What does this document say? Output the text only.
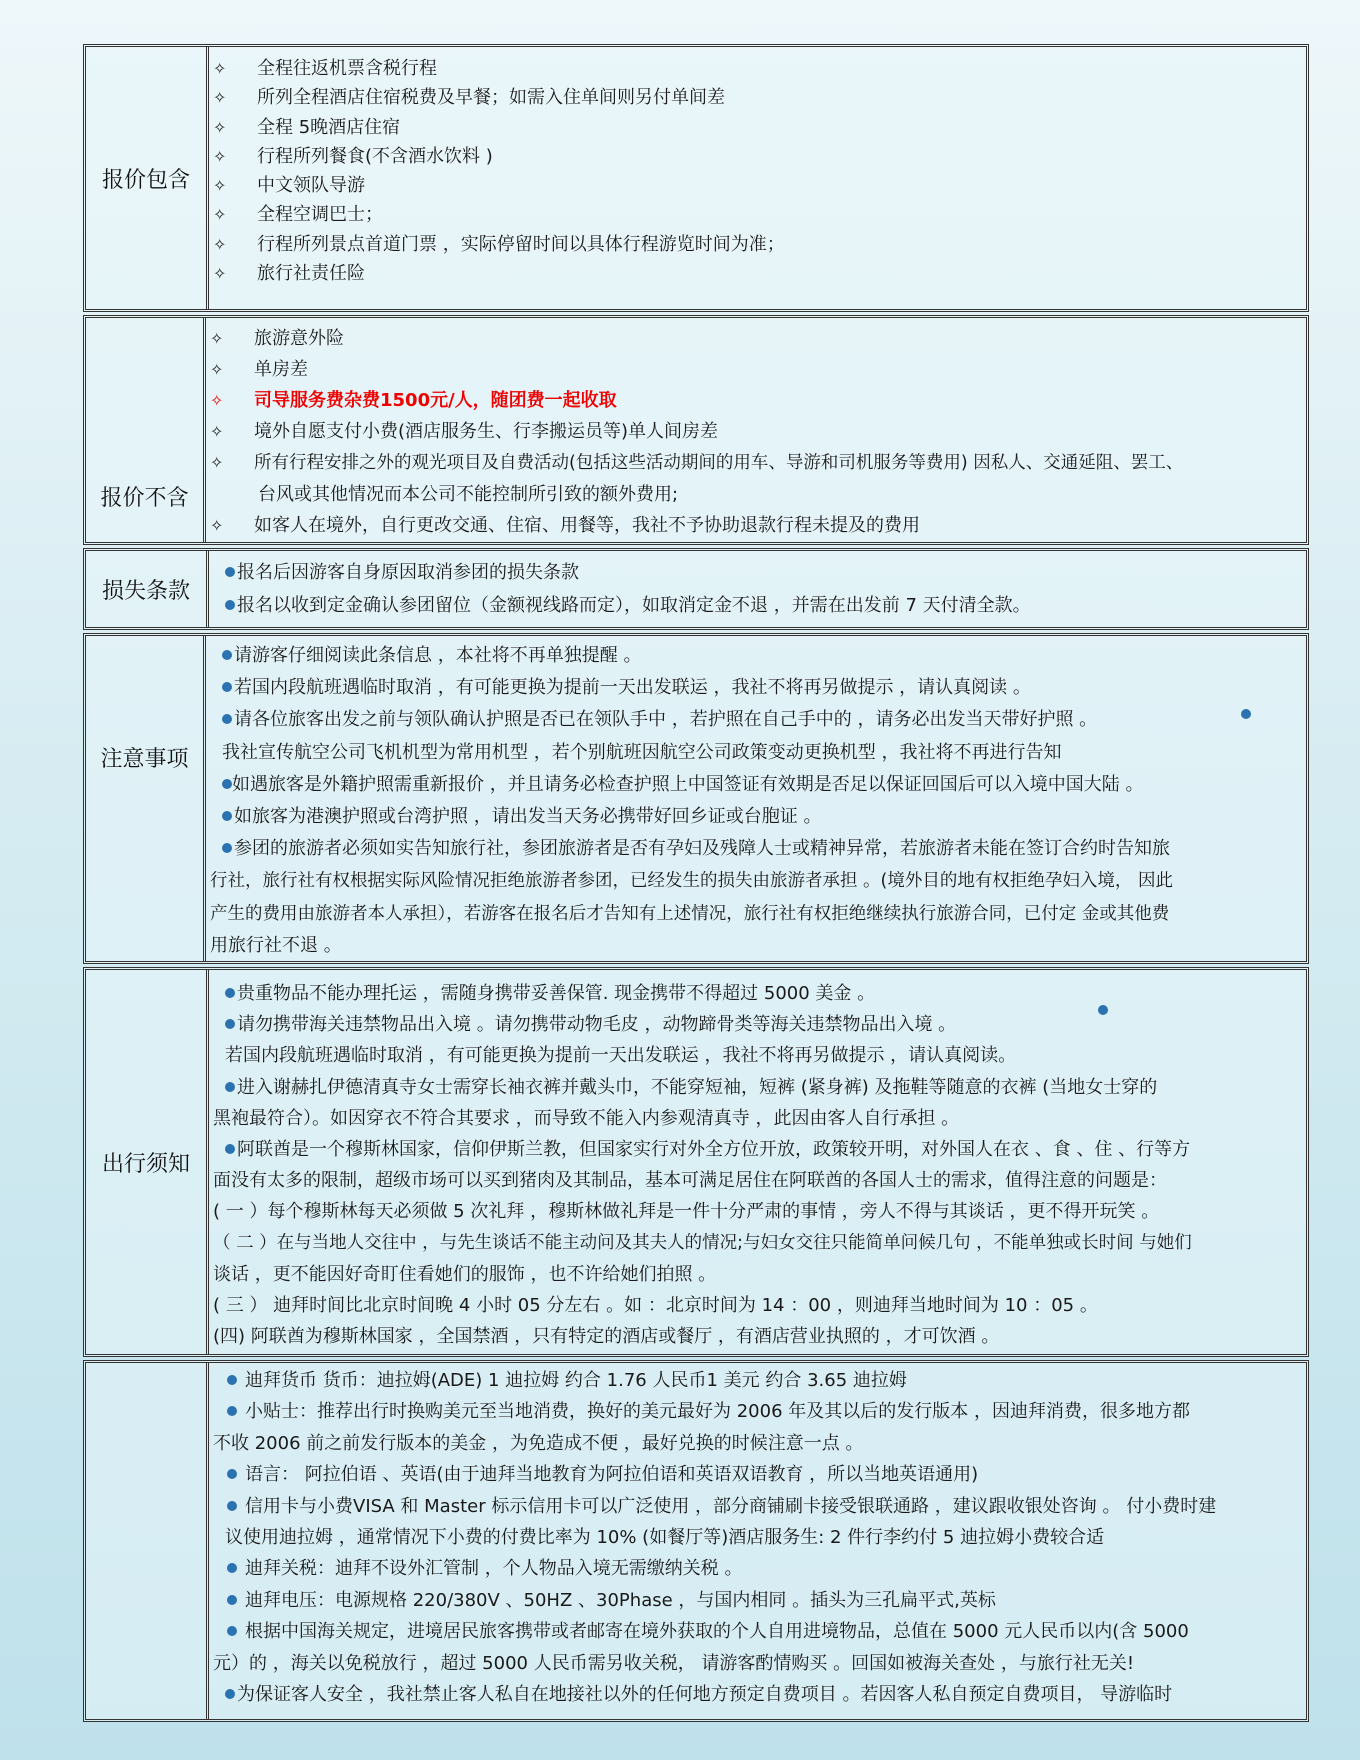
报价包含
✧ 全程往返机票含税行程
✧ 所列全程酒店住宿税费及早餐；如需入住单间则另付单间差
✧ 全程 5晚酒店住宿
✧ 行程所列餐食(不含酒水饮料 )
✧ 中文领队导游
✧ 全程空调巴士；
✧ 行程所列景点首道门票 ，实际停留时间以具体行程游览时间为准；
✧ 旅行社责任险
报价不含
✧ 旅游意外险
✧ 单房差
✧ 司导服务费杂费1500元/人，随团费一起收取
✧ 境外自愿支付小费(酒店服务生、行李搬运员等)单人间房差
✧ 所有行程安排之外的观光项目及自费活动(包括这些活动期间的用车、导游和司机服务等费用) 因私人、交通延阻、罢工、
台风或其他情况而本公司不能控制所引致的额外费用;
✧ 如客人在境外，自行更改交通、住宿、用餐等，我社不予协助退款行程未提及的费用
损失条款
报名后因游客自身原因取消参团的损失条款
报名以收到定金确认参团留位（金额视线路而定），如取消定金不退 ，并需在出发前 7 天付清全款。
注意事项
请游客仔细阅读此条信息 ，本社将不再单独提醒 。
若国内段航班遇临时取消 ，有可能更换为提前一天出发联运 ，我社不将再另做提示 ，请认真阅读 。
请各位旅客出发之前与领队确认护照是否已在领队手中 ，若护照在自己手中的 ，请务必出发当天带好护照 。
我社宣传航空公司飞机机型为常用机型 ，若个别航班因航空公司政策变动更换机型 ，我社将不再进行告知
如遇旅客是外籍护照需重新报价 ，并且请务必检查护照上中国签证有效期是否足以保证回国后可以入境中国大陆 。
如旅客为港澳护照或台湾护照 ，请出发当天务必携带好回乡证或台胞证 。
参团的旅游者必须如实告知旅行社，参团旅游者是否有孕妇及残障人士或精神异常，若旅游者未能在签订合约时告知旅
行社，旅行社有权根据实际风险情况拒绝旅游者参团，已经发生的损失由旅游者承担 。(境外目的地有权拒绝孕妇入境， 因此
产生的费用由旅游者本人承担），若游客在报名后才告知有上述情况，旅行社有权拒绝继续执行旅游合同，已付定 金或其他费
用旅行社不退 。
出行须知
贵重物品不能办理托运 ，需随身携带妥善保管. 现金携带不得超过 5000 美金 。
请勿携带海关违禁物品出入境 。请勿携带动物毛皮 ，动物蹄骨类等海关违禁物品出入境 。
若国内段航班遇临时取消 ，有可能更换为提前一天出发联运 ，我社不将再另做提示 ，请认真阅读。
进入谢赫扎伊德清真寺女士需穿长袖衣裤并戴头巾，不能穿短袖，短裤 (紧身裤) 及拖鞋等随意的衣裤 (当地女士穿的
黑袍最符合）。如因穿衣不符合其要求 ，而导致不能入内参观清真寺 ，此因由客人自行承担 。
阿联酋是一个穆斯林国家，信仰伊斯兰教，但国家实行对外全方位开放，政策较开明，对外国人在衣 、食 、住 、行等方
面没有太多的限制，超级市场可以买到猪肉及其制品，基本可满足居住在阿联酋的各国人士的需求，值得注意的问题是：
( 一 ）每个穆斯林每天必须做 5 次礼拜 ，穆斯林做礼拜是一件十分严肃的事情 ，旁人不得与其谈话 ，更不得开玩笑 。
（ 二 ）在与当地人交往中 ，与先生谈话不能主动问及其夫人的情况;与妇女交往只能简单问候几句 ，不能单独或长时间 与她们
谈话 ，更不能因好奇盯住看她们的服饰 ，也不许给她们拍照 。
( 三 ） 迪拜时间比北京时间晚 4 小时 05 分左右 。如 ：北京时间为 14 ：00 ，则迪拜当地时间为 10 ：05 。
(四) 阿联酋为穆斯林国家 ，全国禁酒 ，只有特定的酒店或餐厅 ，有酒店营业执照的 ，才可饮酒 。
迪拜货币 货币：迪拉姆(ADE) 1 迪拉姆 约合 1.76 人民币1 美元 约合 3.65 迪拉姆
小贴士：推荐出行时换购美元至当地消费，换好的美元最好为 2006 年及其以后的发行版本 ，因迪拜消费，很多地方都
不收 2006 前之前发行版本的美金 ，为免造成不便 ，最好兑换的时候注意一点 。
语言： 阿拉伯语 、英语(由于迪拜当地教育为阿拉伯语和英语双语教育 ，所以当地英语通用)
信用卡与小费VISA 和 Master 标示信用卡可以广泛使用 ，部分商铺刷卡接受银联通路 ，建议跟收银处咨询 。 付小费时建
议使用迪拉姆 ，通常情况下小费的付费比率为 10% (如餐厅等)酒店服务生: 2 件行李约付 5 迪拉姆小费较合适
迪拜关税：迪拜不设外汇管制 ，个人物品入境无需缴纳关税 。
迪拜电压：电源规格 220/380V 、50HZ 、30Phase ，与国内相同 。插头为三孔扁平式,英标
根据中国海关规定，进境居民旅客携带或者邮寄在境外获取的个人自用进境物品，总值在 5000 元人民币以内(含 5000
元）的 ，海关以免税放行 ，超过 5000 人民币需另收关税， 请游客酌情购买 。回国如被海关查处 ，与旅行社无关!
为保证客人安全 ，我社禁止客人私自在地接社以外的任何地方预定自费项目 。若因客人私自预定自费项目， 导游临时
